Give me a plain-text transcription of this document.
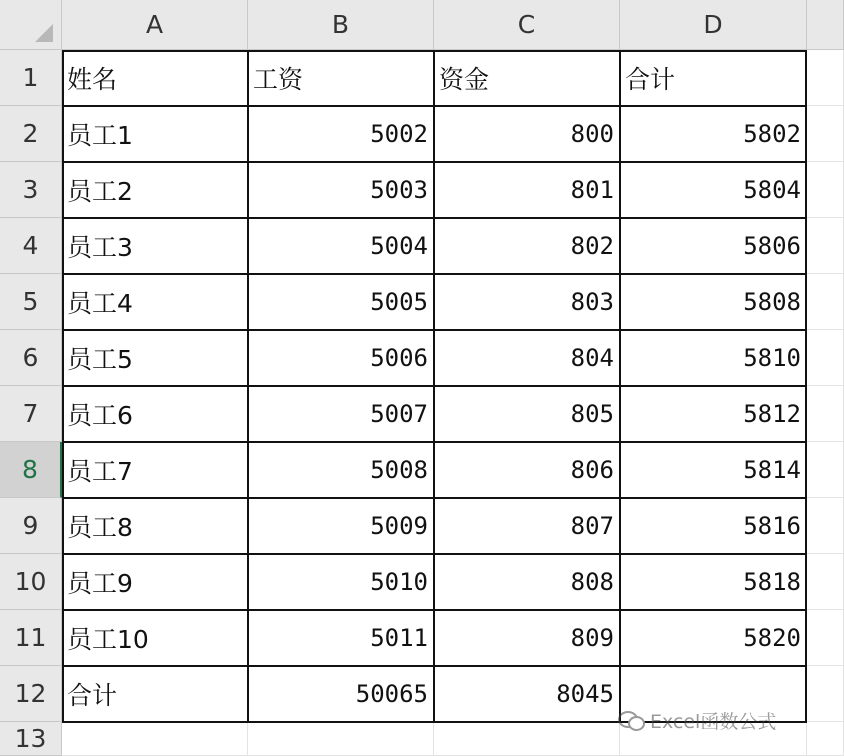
A	B	C	D
1
2
3
4
5
6
7
8
9
10
11
12
13
姓名	工资	资金	合计
员工1	5002	800	5802
员工2	5003	801	5804
员工3	5004	802	5806
员工4	5005	803	5808
员工5	5006	804	5810
员工6	5007	805	5812
员工7	5008	806	5814
员工8	5009	807	5816
员工9	5010	808	5818
员工10	5011	809	5820
合计	50065	8045
Excel函数公式
